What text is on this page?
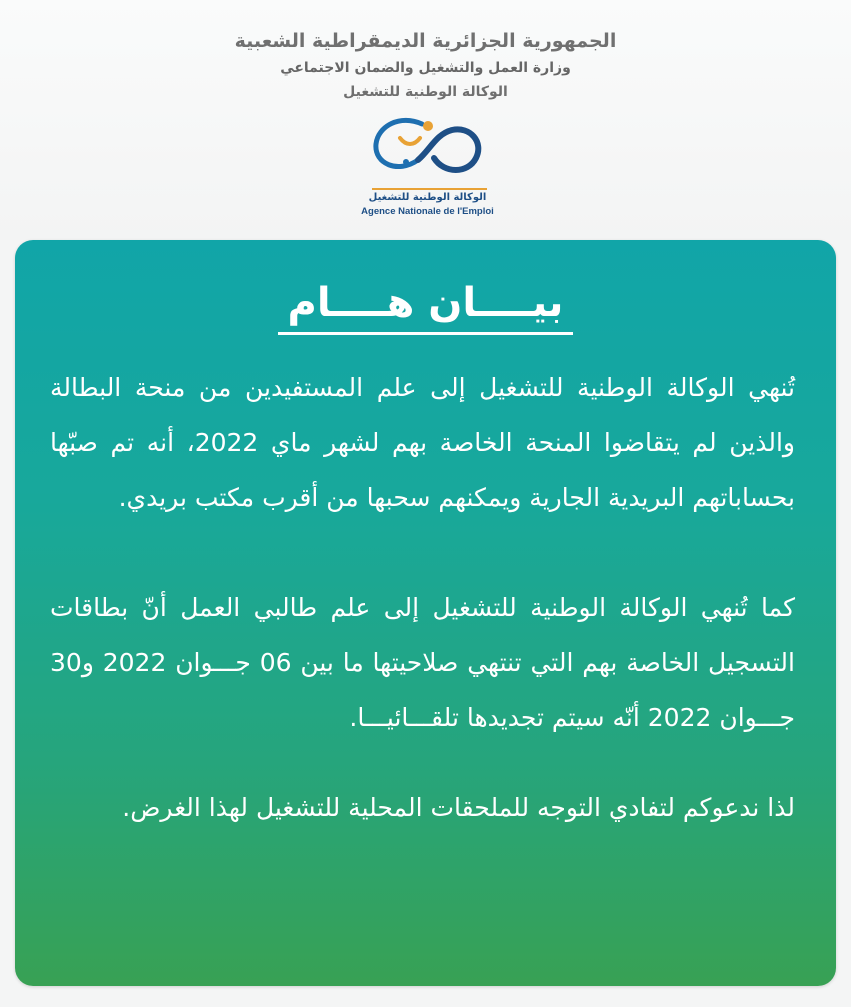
الجمهورية الجزائرية الديمقراطية الشعبية
وزارة العمل والتشغيل والضمان الاجتماعي
الوكالة الوطنية للتشغيل
الوكالة الوطنية للتشغيل
Agence Nationale de l'Emploi
بيــــان هــــام
تُنهي الوكالة الوطنية للتشغيل إلى علم المستفيدين من منحة البطالة والذين لم يتقاضوا المنحة الخاصة بهم لشهر ماي 2022، أنه تم صبّها بحساباتهم البريدية الجارية ويمكنهم سحبها من أقرب مكتب بريدي.
كما تُنهي الوكالة الوطنية للتشغيل إلى علم طالبي العمل أنّ بطاقات التسجيل الخاصة بهم التي تنتهي صلاحيتها ما بين 06 جـــوان 2022 و30 جـــوان 2022 أنّه سيتم تجديدها تلقـــائيـــا.
لذا ندعوكم لتفادي التوجه للملحقات المحلية للتشغيل لهذا الغرض.
